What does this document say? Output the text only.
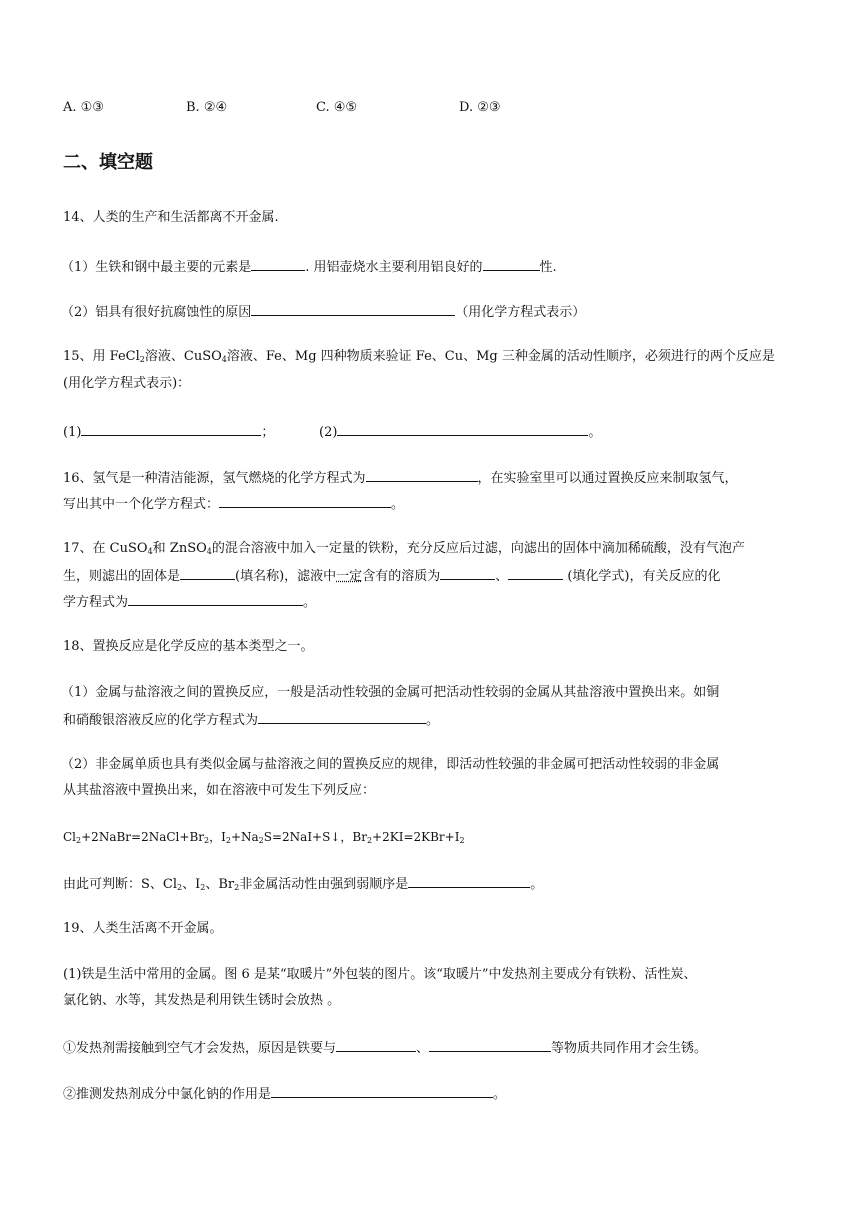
A. ①③	B. ②④	C. ④⑤	D. ②③
二、填空题
14、人类的生产和生活都离不开金属.
（1）生铁和钢中最主要的元素是	. 用铝壶烧水主要利用铝良好的	性.
（2）铝具有很好抗腐蚀性的原因	（用化学方程式表示）
15、用 FeCl$_2$溶液、CuSO$_4$溶液、Fe、Mg 四种物质来验证 Fe、Cu、Mg 三种金属的活动性顺序，必须进行的两个反应是
(用化学方程式表示)：
(1)	；	(2)	。
16、氢气是一种清洁能源，氢气燃烧的化学方程式为	，在实验室里可以通过置换反应来制取氢气，
写出其中一个化学方程式：	。
17、在 CuSO$_4$和 ZnSO$_4$的混合溶液中加入一定量的铁粉，充分反应后过滤，向滤出的固体中滴加稀硫酸，没有气泡产
生，则滤出的固体是	(填名称)，滤液中一定含有的溶质为	、	(填化学式)，有关反应的化
学方程式为	。
18、置换反应是化学反应的基本类型之一。
（1）金属与盐溶液之间的置换反应，一般是活动性较强的金属可把活动性较弱的金属从其盐溶液中置换出来。如铜
和硝酸银溶液反应的化学方程式为	。
（2）非金属单质也具有类似金属与盐溶液之间的置换反应的规律，即活动性较强的非金属可把活动性较弱的非金属
从其盐溶液中置换出来，如在溶液中可发生下列反应：
$Cl_2+2NaBr=2NaCl+Br_2$，$I_2+Na_2S=2NaI+S↓$，$Br_2+2KI=2KBr+I_2$
由此可判断：S、$Cl_2$、$I_2$、$Br_2$非金属活动性由强到弱顺序是	。
19、人类生活离不开金属。
(1)铁是生活中常用的金属。图 6 是某“取暖片”外包装的图片。该“取暖片”中发热剂主要成分有铁粉、活性炭、
氯化钠、水等，其发热是利用铁生锈时会放热 。
①发热剂需接触到空气才会发热，原因是铁要与	、	等物质共同作用才会生锈。
②推测发热剂成分中氯化钠的作用是	。
